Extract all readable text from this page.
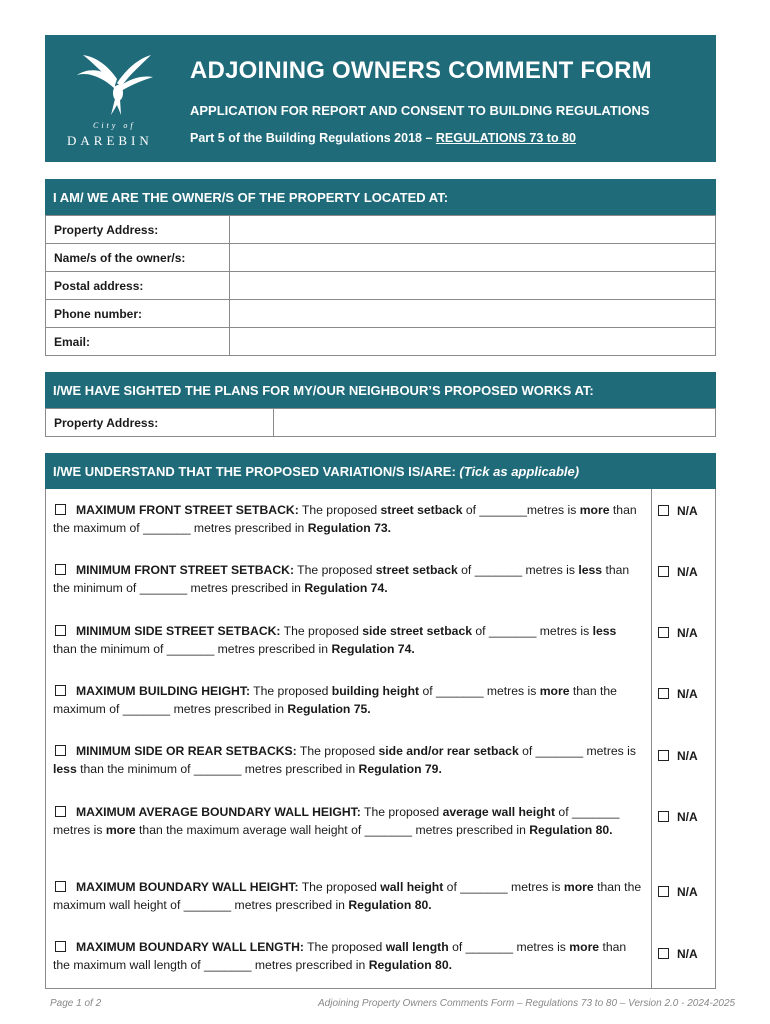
City of
DAREBIN
ADJOINING OWNERS COMMENT FORM
APPLICATION FOR REPORT AND CONSENT TO BUILDING REGULATIONS
Part 5 of the Building Regulations 2018 – REGULATIONS 73 to 80
I AM/ WE ARE THE OWNER/S OF THE PROPERTY LOCATED AT:
Property Address:	
Name/s of the owner/s:	
Postal address:	
Phone number:	
Email:	
I/WE HAVE SIGHTED THE PLANS FOR MY/OUR NEIGHBOUR’S PROPOSED WORKS AT:
Property Address:	
I/WE UNDERSTAND THAT THE PROPOSED VARIATION/S IS/ARE: (Tick as applicable)
MAXIMUM FRONT STREET SETBACK: The proposed street setback of _______metres is more than the maximum of _______ metres prescribed in Regulation 73.
N/A
MINIMUM FRONT STREET SETBACK: The proposed street setback of _______ metres is less than the minimum of _______ metres prescribed in Regulation 74.
N/A
MINIMUM SIDE STREET SETBACK: The proposed side street setback of _______ metres is less than the minimum of _______ metres prescribed in Regulation 74.
N/A
MAXIMUM BUILDING HEIGHT: The proposed building height of _______ metres is more than the maximum of _______ metres prescribed in Regulation 75.
N/A
MINIMUM SIDE OR REAR SETBACKS: The proposed side and/or rear setback of _______ metres is less than the minimum of _______ metres prescribed in Regulation 79.
N/A
MAXIMUM AVERAGE BOUNDARY WALL HEIGHT: The proposed average wall height of _______ metres is more than the maximum average wall height of _______ metres prescribed in Regulation 80.
N/A
MAXIMUM BOUNDARY WALL HEIGHT: The proposed wall height of _______ metres is more than the maximum wall height of _______ metres prescribed in Regulation 80.
N/A
MAXIMUM BOUNDARY WALL LENGTH: The proposed wall length of _______ metres is more than the maximum wall length of _______ metres prescribed in Regulation 80.
N/A
Page 1 of 2	Adjoining Property Owners Comments Form – Regulations 73 to 80 – Version 2.0 - 2024-2025
